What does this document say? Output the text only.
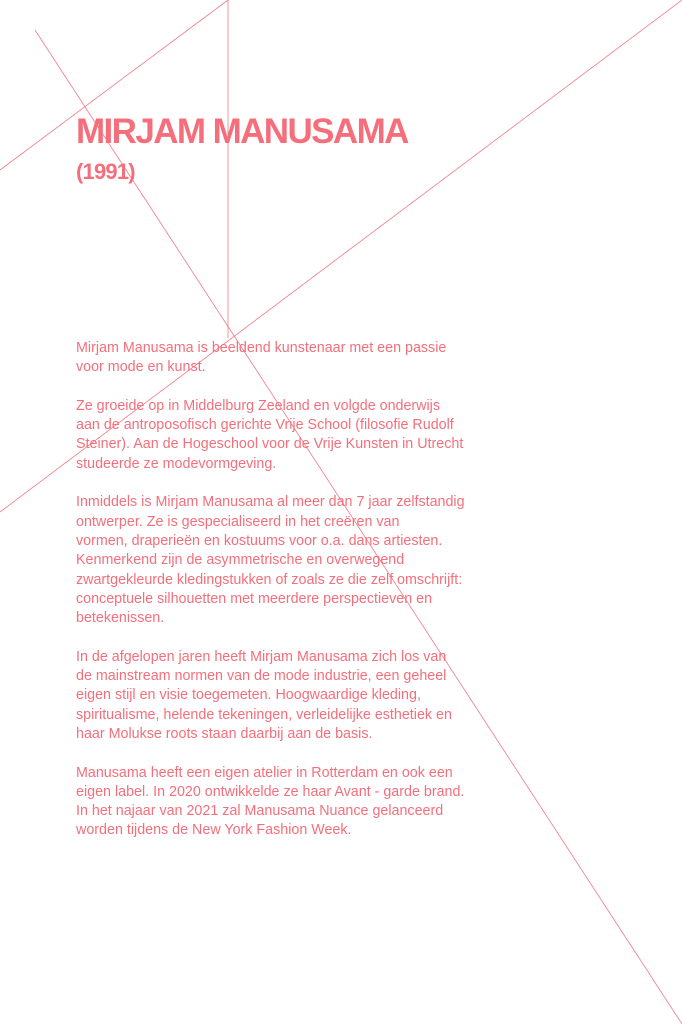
MIRJAM MANUSAMA
(1991)

Mirjam Manusama is beeldend kunstenaar met een passie
voor mode en kunst.

Ze groeide op in Middelburg Zeeland en volgde onderwijs
aan de antroposofisch gerichte Vrije School (filosofie Rudolf
Steiner). Aan de Hogeschool voor de Vrije Kunsten in Utrecht
studeerde ze modevormgeving.

Inmiddels is Mirjam Manusama al meer dan 7 jaar zelfstandig
ontwerper. Ze is gespecialiseerd in het creëren van
vormen, draperieën en kostuums voor o.a. dans artiesten.
Kenmerkend zijn de asymmetrische en overwegend
zwartgekleurde kledingstukken of zoals ze die zelf omschrijft:
conceptuele silhouetten met meerdere perspectieven en
betekenissen.

In de afgelopen jaren heeft Mirjam Manusama zich los van
de mainstream normen van de mode industrie, een geheel
eigen stijl en visie toegemeten. Hoogwaardige kleding,
spiritualisme, helende tekeningen, verleidelijke esthetiek en
haar Molukse roots staan daarbij aan de basis.

Manusama heeft een eigen atelier in Rotterdam en ook een
eigen label. In 2020 ontwikkelde ze haar Avant - garde brand.
In het najaar van 2021 zal Manusama Nuance gelanceerd
worden tijdens de New York Fashion Week.
